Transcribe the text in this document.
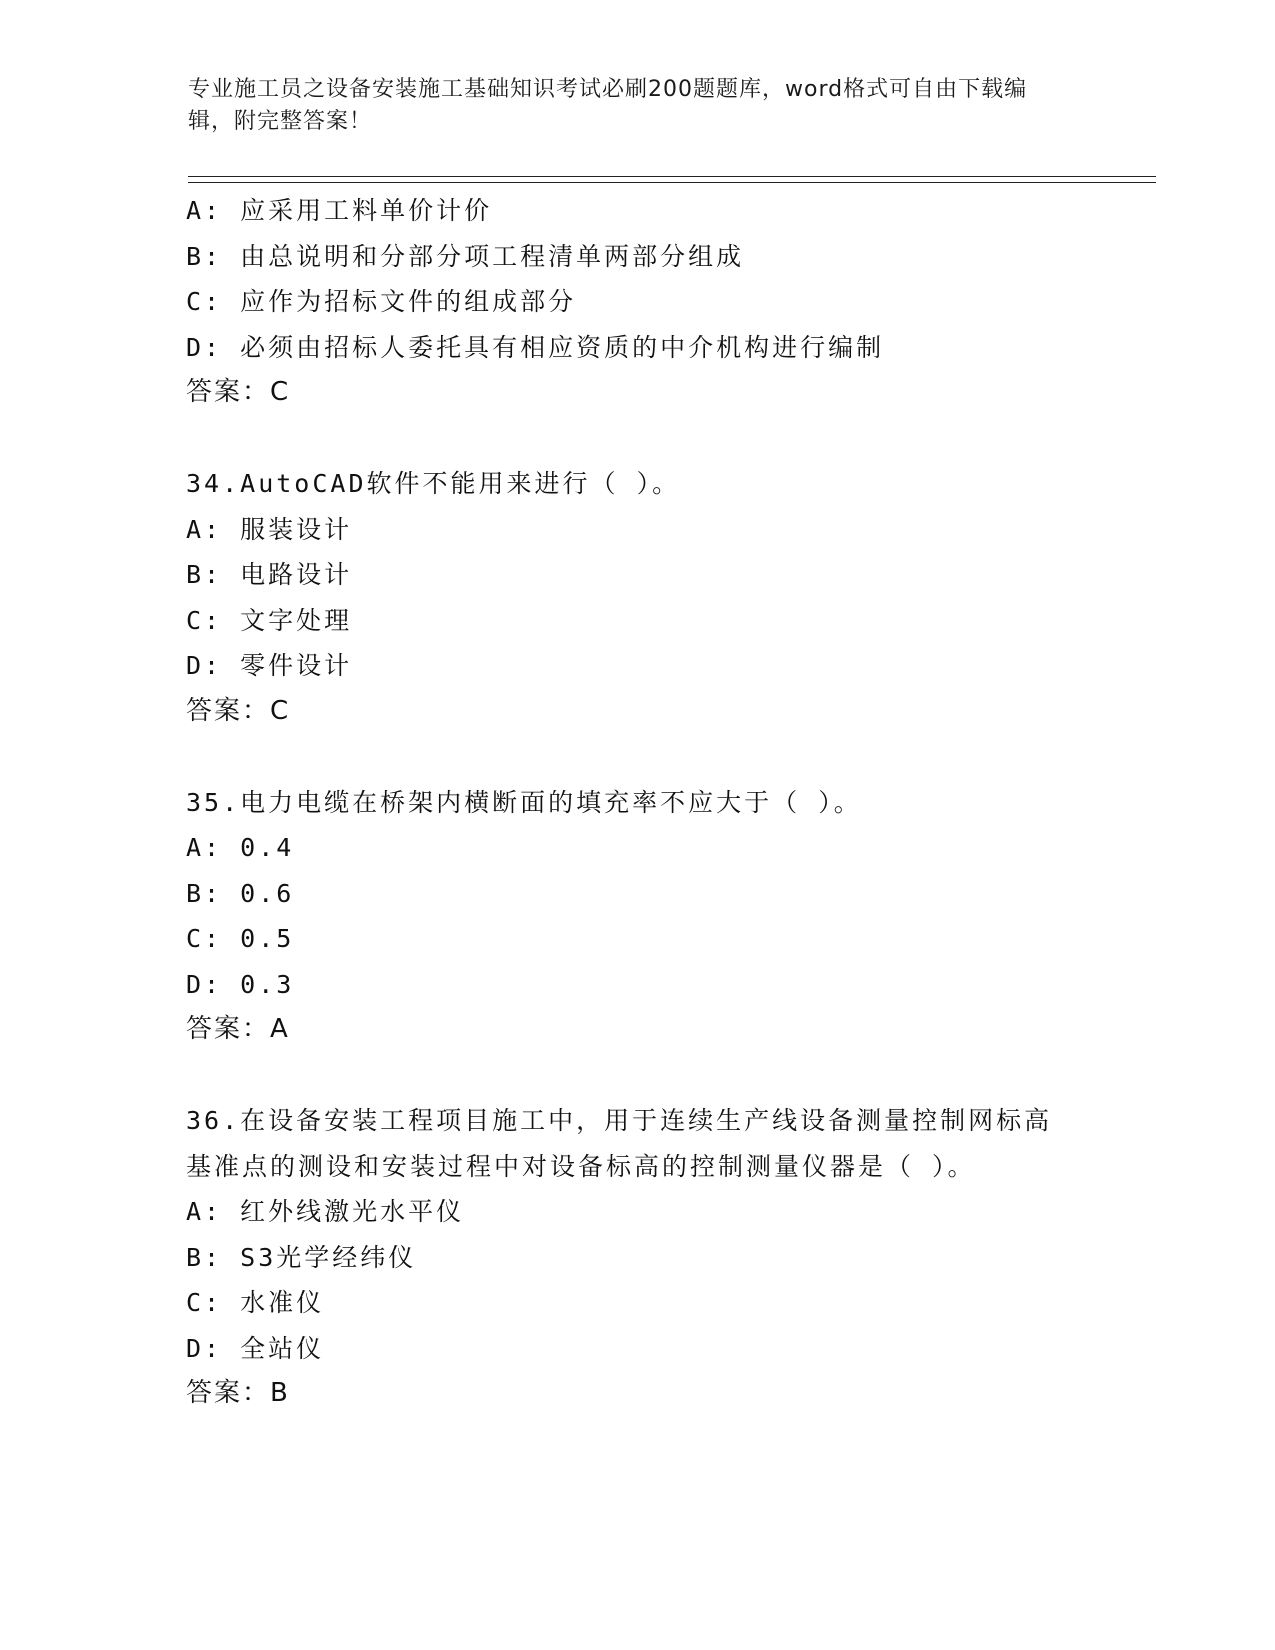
专业施工员之设备安装施工基础知识考试必刷200题题库，word格式可自由下载编辑，附完整答案！
A: 应采用工料单价计价
B: 由总说明和分部分项工程清单两部分组成
C: 应作为招标文件的组成部分
D: 必须由招标人委托具有相应资质的中介机构进行编制
答案：C
34.AutoCAD软件不能用来进行（ ）。
A: 服装设计
B: 电路设计
C: 文字处理
D: 零件设计
答案：C
35.电力电缆在桥架内横断面的填充率不应大于（ ）。
A: 0.4
B: 0.6
C: 0.5
D: 0.3
答案：A
36.在设备安装工程项目施工中，用于连续生产线设备测量控制网标高基准点的测设和安装过程中对设备标高的控制测量仪器是（ ）。
A: 红外线激光水平仪
B: S3光学经纬仪
C: 水准仪
D: 全站仪
答案：B
